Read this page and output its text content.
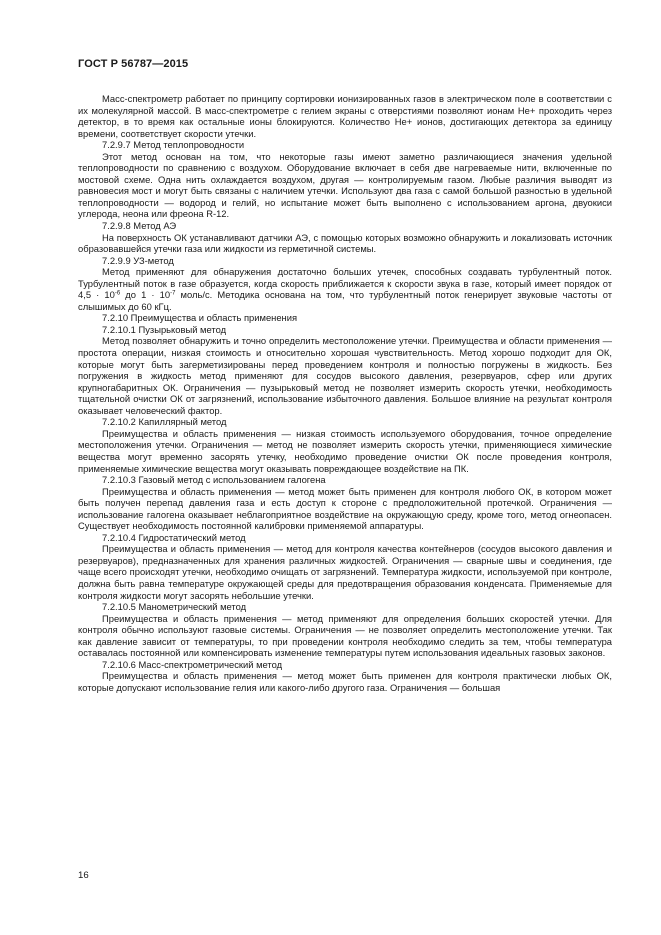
ГОСТ Р 56787—2015

Масс-спектрометр работает по принципу сортировки ионизированных газов в электрическом поле в соответствии с их молекулярной массой. В масс-спектрометре с гелием экраны с отверстиями позволяют ионам Не+ проходить через детектор, в то время как остальные ионы блокируются. Количество Не+ ионов, достигающих детектора за единицу времени, соответствует скорости утечки.

7.2.9.7 Метод теплопроводности

Этот метод основан на том, что некоторые газы имеют заметно различающиеся значения удельной теплопроводности по сравнению с воздухом. Оборудование включает в себя две нагреваемые нити, включенные по мостовой схеме. Одна нить охлаждается воздухом, другая — контролируемым газом. Любые различия выводят из равновесия мост и могут быть связаны с наличием утечки. Используют два газа с самой большой разностью в удельной теплопроводности — водород и гелий, но испытание может быть выполнено с использованием аргона, двуокиси углерода, неона или фреона R-12.

7.2.9.8 Метод АЭ

На поверхность ОК устанавливают датчики АЭ, с помощью которых возможно обнаружить и локализовать источник образовавшейся утечки газа или жидкости из герметичной системы.

7.2.9.9 УЗ-метод

Метод применяют для обнаружения достаточно больших утечек, способных создавать турбулентный поток. Турбулентный поток в газе образуется, когда скорость приближается к скорости звука в газе, который имеет порядок от $4,5 \cdot 10^{-6}$ до $1 \cdot 10^{-7}$ моль/с. Методика основана на том, что турбулентный поток генерирует звуковые частоты от слышимых до 60 кГц.

7.2.10 Преимущества и область применения

7.2.10.1 Пузырьковый метод

Метод позволяет обнаружить и точно определить местоположение утечки. Преимущества и области применения — простота операции, низкая стоимость и относительно хорошая чувствительность. Метод хорошо подходит для ОК, которые могут быть загерметизированы перед проведением контроля и полностью погружены в жидкость. Без погружения в жидкость метод применяют для сосудов высокого давления, резервуаров, сфер или других крупногабаритных ОК. Ограничения — пузырьковый метод не позволяет измерить скорость утечки, необходимость тщательной очистки ОК от загрязнений, использование избыточного давления. Большое влияние на результат контроля оказывает человеческий фактор.

7.2.10.2 Капиллярный метод

Преимущества и область применения — низкая стоимость используемого оборудования, точное определение местоположения утечки. Ограничения — метод не позволяет измерить скорость утечки, применяющиеся химические вещества могут временно засорять утечку, необходимо проведение очистки ОК после проведения контроля, применяемые химические вещества могут оказывать повреждающее воздействие на ПК.

7.2.10.3 Газовый метод с использованием галогена

Преимущества и область применения — метод может быть применен для контроля любого ОК, в котором может быть получен перепад давления газа и есть доступ к стороне с предположительной протечкой. Ограничения — использование галогена оказывает неблагоприятное воздействие на окружающую среду, кроме того, метод огнеопасен. Существует необходимость постоянной калибровки применяемой аппаратуры.

7.2.10.4 Гидростатический метод

Преимущества и область применения — метод для контроля качества контейнеров (сосудов высокого давления и резервуаров), предназначенных для хранения различных жидкостей. Ограничения — сварные швы и соединения, где чаще всего происходят утечки, необходимо очищать от загрязнений. Температура жидкости, используемой при контроле, должна быть равна температуре окружающей среды для предотвращения образования конденсата. Применяемые для контроля жидкости могут засорять небольшие утечки.

7.2.10.5 Манометрический метод

Преимущества и область применения — метод применяют для определения больших скоростей утечки. Для контроля обычно используют газовые системы. Ограничения — не позволяет определить местоположение утечки. Так как давление зависит от температуры, то при проведении контроля необходимо следить за тем, чтобы температура оставалась постоянной или компенсировать изменение температуры путем использования идеальных газовых законов.

7.2.10.6 Масс-спектрометрический метод

Преимущества и область применения — метод может быть применен для контроля практически любых ОК, которые допускают использование гелия или какого-либо другого газа. Ограничения — большая

16
